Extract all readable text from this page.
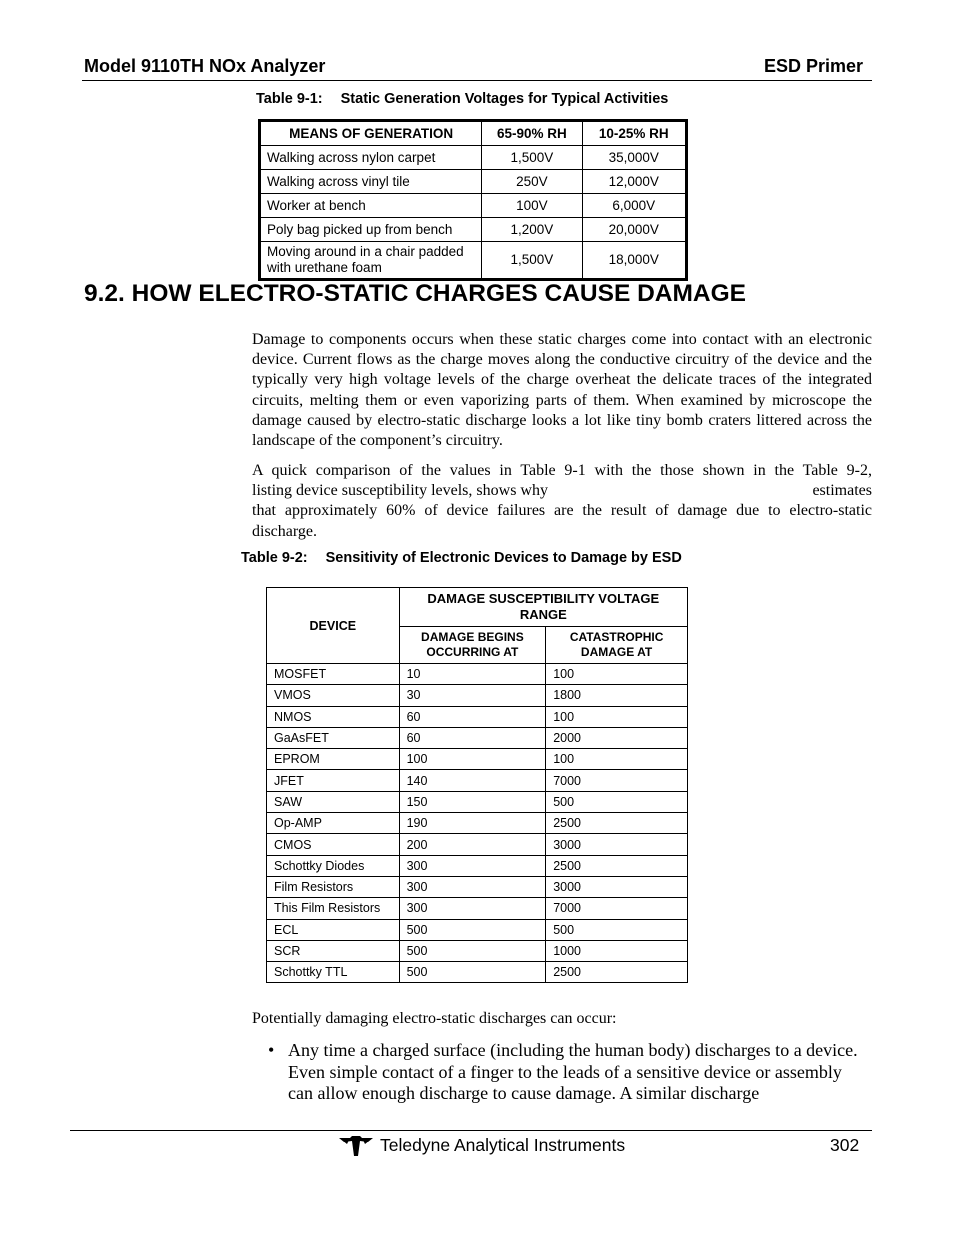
Model 9110TH NOx Analyzer	ESD Primer
Table 9-1: Static Generation Voltages for Typical Activities
MEANS OF GENERATION	65-90% RH	10-25% RH
Walking across nylon carpet	1,500V	35,000V
Walking across vinyl tile	250V	12,000V
Worker at bench	100V	6,000V
Poly bag picked up from bench	1,200V	20,000V
Moving around in a chair padded with urethane foam	1,500V	18,000V
9.2. HOW ELECTRO-STATIC CHARGES CAUSE DAMAGE
Damage to components occurs when these static charges come into contact with an electronic device. Current flows as the charge moves along the conductive circuitry of the device and the typically very high voltage levels of the charge overheat the delicate traces of the integrated circuits, melting them or even vaporizing parts of them. When examined by microscope the damage caused by electro-static discharge looks a lot like tiny bomb craters littered across the landscape of the component’s circuitry.
A quick comparison of the values in Table 9-1 with the those shown in the Table 9-2,
listing device susceptibility levels, shows why	estimates
that approximately 60% of device failures are the result of damage due to electro-static discharge.
Table 9-2: Sensitivity of Electronic Devices to Damage by ESD
DEVICE	DAMAGE SUSCEPTIBILITY VOLTAGE RANGE	
	DAMAGE BEGINS OCCURRING AT	CATASTROPHIC DAMAGE AT
MOSFET	10	100
VMOS	30	1800
NMOS	60	100
GaAsFET	60	2000
EPROM	100	100
JFET	140	7000
SAW	150	500
Op-AMP	190	2500
CMOS	200	3000
Schottky Diodes	300	2500
Film Resistors	300	3000
This Film Resistors	300	7000
ECL	500	500
SCR	500	1000
Schottky TTL	500	2500
Potentially damaging electro-static discharges can occur:
• Any time a charged surface (including the human body) discharges to a device. Even simple contact of a finger to the leads of a sensitive device or assembly can allow enough discharge to cause damage. A similar discharge
Teledyne Analytical Instruments	302
